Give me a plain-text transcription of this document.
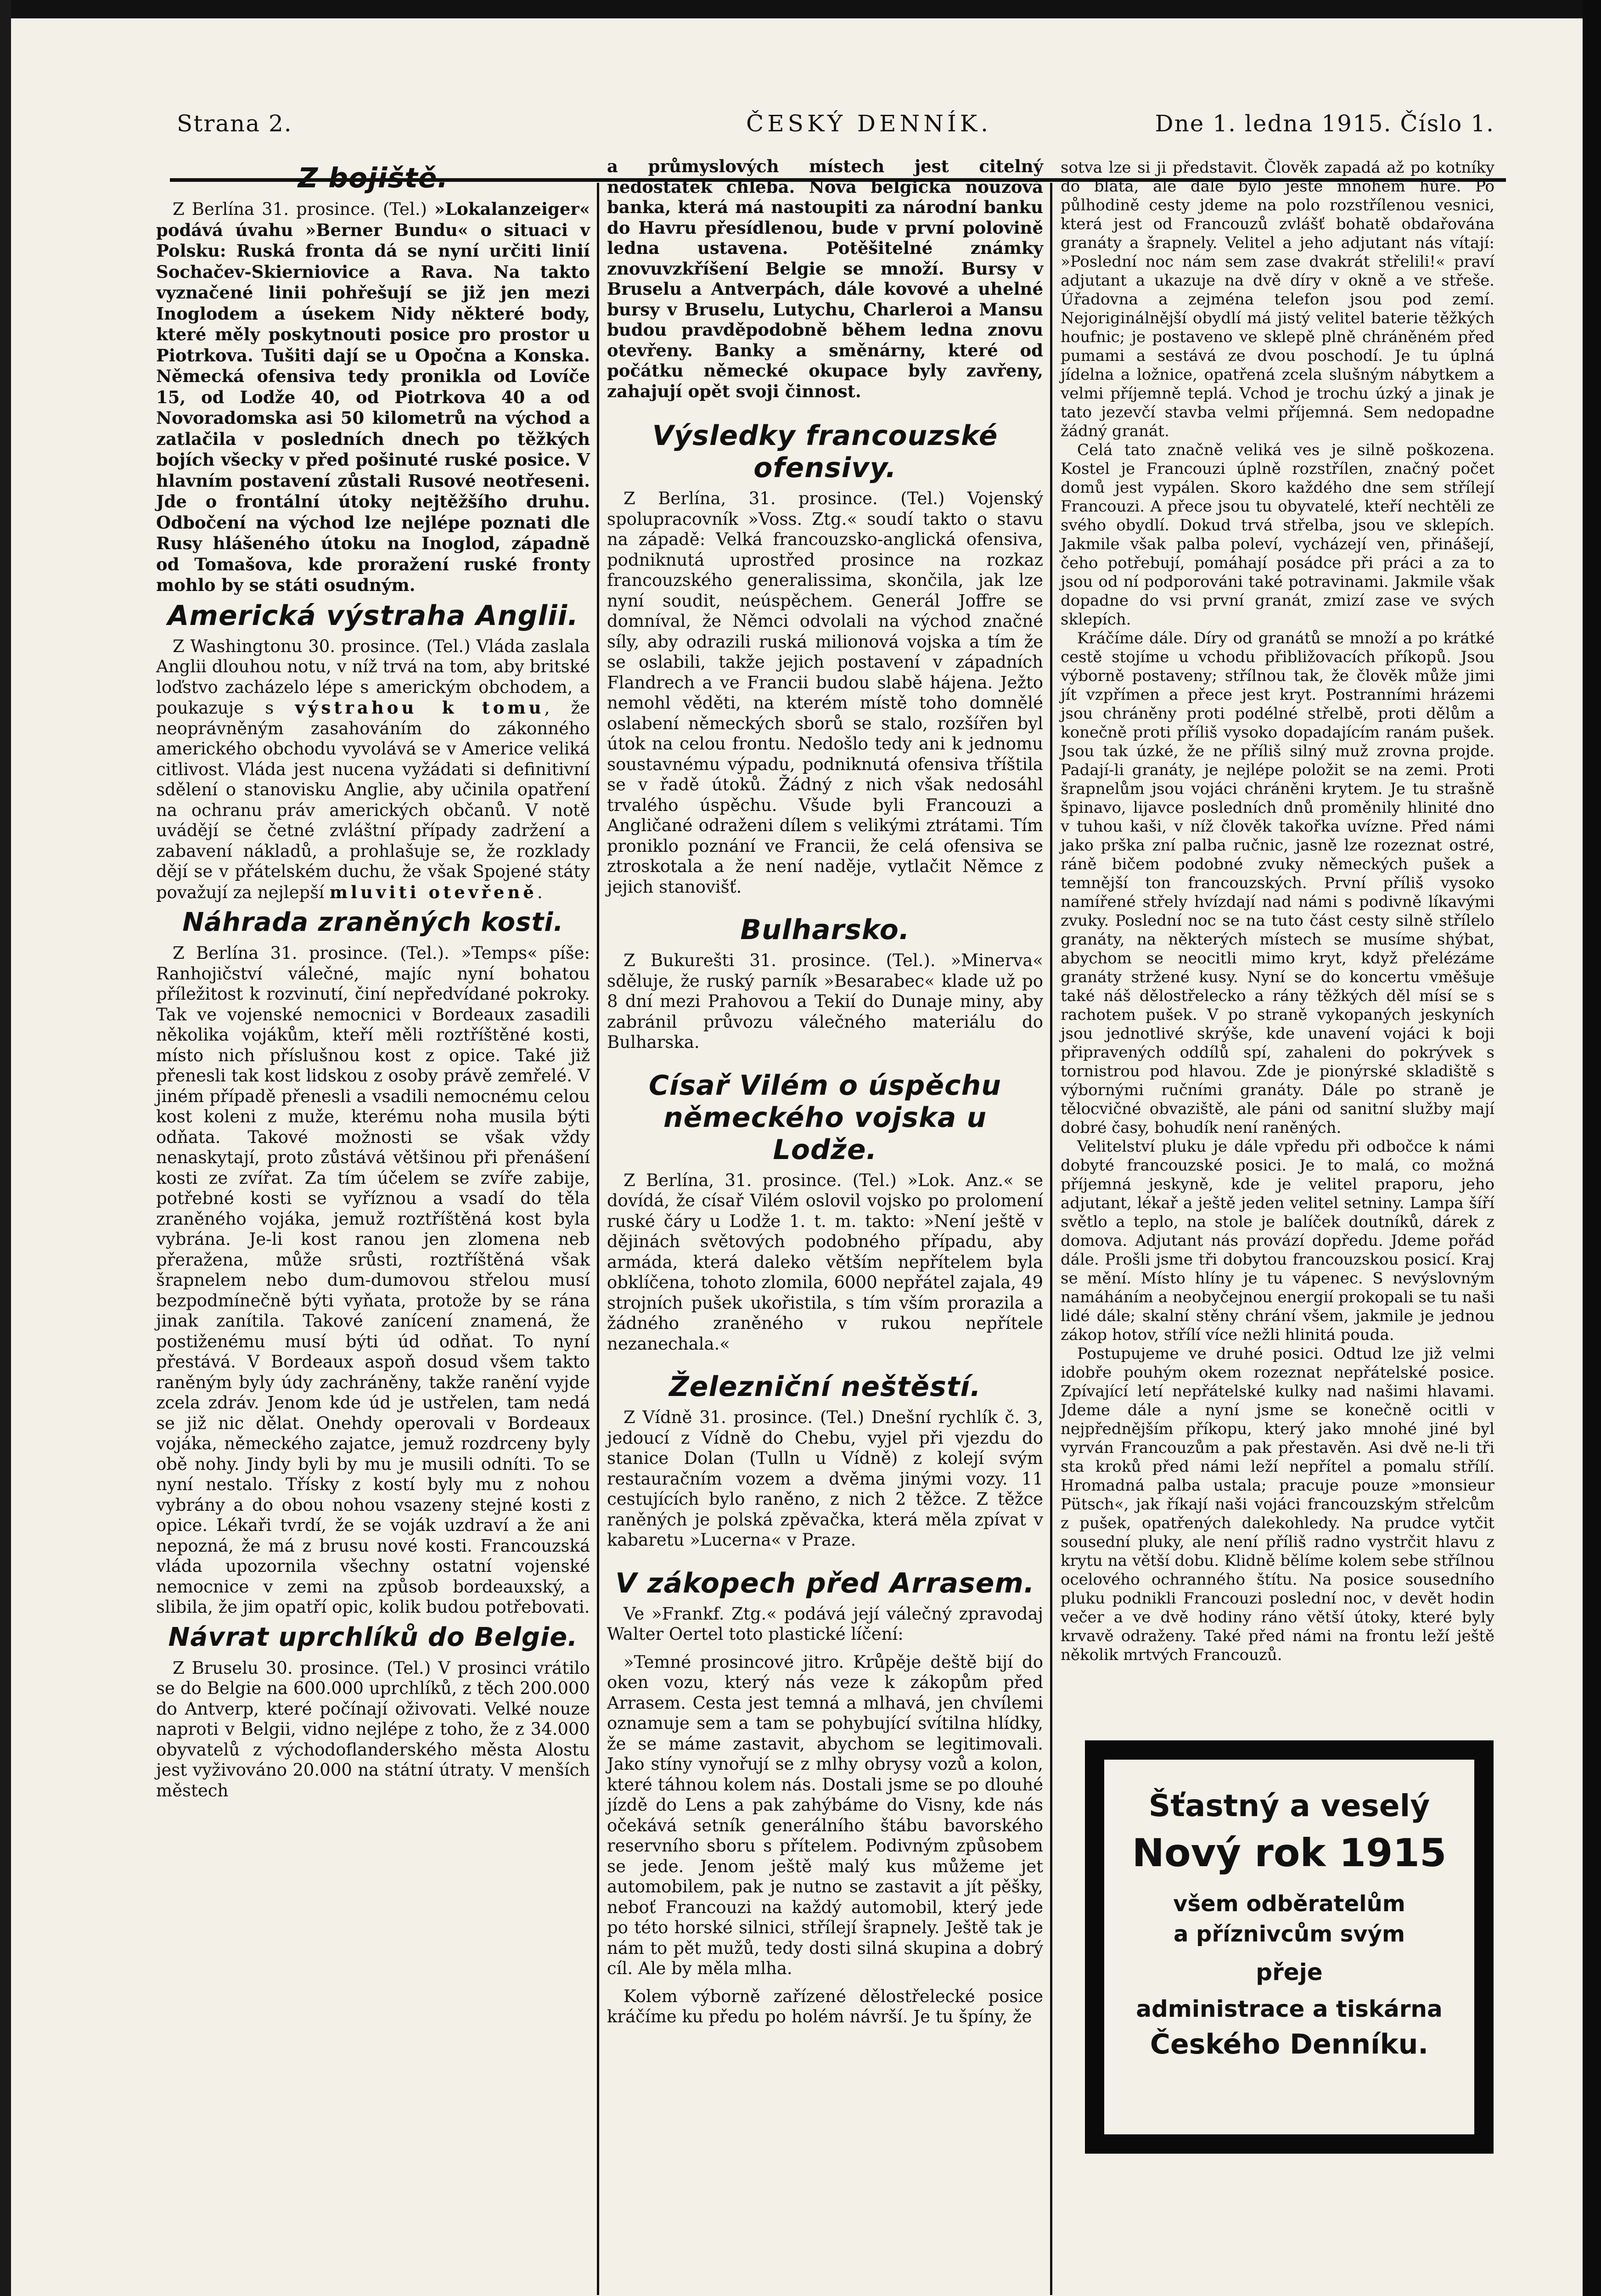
Strana 2.	ČESKÝ DENNÍK.	Dne 1. ledna 1915. Číslo 1.
Z bojiště.

Z Berlína 31. prosince. (Tel.) »Lokalanzeiger« podává úvahu »Berner Bundu« o situaci v Polsku: Ruská fronta dá se nyní určiti linií Sochačev-Skierniovice a Rava. Na takto vyznačené linii pohřešují se již jen mezi Inoglodem a úsekem Nidy některé body, které měly poskytnouti posice pro prostor u Piotrkova. Tušiti dají se u Opočna a Konska. Německá ofensiva tedy pronikla od Lovíče 15, od Lodže 40, od Piotrkova 40 a od Novoradomska asi 50 kilometrů na východ a zatlačila v posledních dnech po těžkých bojích všecky v před pošinuté ruské posice. V hlavním postavení zůstali Rusové neotřeseni. Jde o frontální útoky nejtěžšího druhu. Odbočení na východ lze nejlépe poznati dle Rusy hlášeného útoku na Inoglod, západně od Tomašova, kde proražení ruské fronty mohlo by se státi osudným.

Americká výstraha Anglii.

Z Washingtonu 30. prosince. (Tel.) Vláda zaslala Anglii dlouhou notu, v níž trvá na tom, aby britské loďstvo zacházelo lépe s americkým obchodem, a poukazuje s výstrahou k tomu, že neoprávněným zasahováním do zákonného amerického obchodu vyvolává se v Americe veliká citlivost. Vláda jest nucena vyžádati si definitivní sdělení o stanovisku Anglie, aby učinila opatření na ochranu práv amerických občanů. V notě uvádějí se četné zvláštní případy zadržení a zabavení nákladů, a prohlašuje se, že rozklady dějí se v přátelském duchu, že však Spojené státy považují za nejlepší mluviti otevřeně.

Náhrada zraněných kosti.

Z Berlína 31. prosince. (Tel.). »Temps« píše: Ranhojičství válečné, majíc nyní bohatou příležitost k rozvinutí, činí nepředvídané pokroky. Tak ve vojenské nemocnici v Bordeaux zasadili několika vojákům, kteří měli roztříštěné kosti, místo nich příslušnou kost z opice. Také již přenesli tak kost lidskou z osoby právě zemřelé. V jiném případě přenesli a vsadili nemocnému celou kost koleni z muže, kterému noha musila býti odňata. Takové možnosti se však vždy nenaskytají, proto zůstává většinou při přenášení kosti ze zvířat. Za tím účelem se zvíře zabije, potřebné kosti se vyříznou a vsadí do těla zraněného vojáka, jemuž roztříštěná kost byla vybrána. Je-li kost ranou jen zlomena neb přeražena, může srůsti, roztříštěná však šrapnelem nebo dum-dumovou střelou musí bezpodmínečně býti vyňata, protože by se rána jinak zanítila. Takové zanícení znamená, že postiženému musí býti úd odňat. To nyní přestává. V Bordeaux aspoň dosud všem takto raněným byly údy zachráněny, takže ranění vyjde zcela zdráv. Jenom kde úd je ustřelen, tam nedá se již nic dělat. Onehdy operovali v Bordeaux vojáka, německého zajatce, jemuž rozdrceny byly obě nohy. Jindy byli by mu je musili odníti. To se nyní nestalo. Třísky z kostí byly mu z nohou vybrány a do obou nohou vsazeny stejné kosti z opice. Lékaři tvrdí, že se voják uzdraví a že ani nepozná, že má z brusu nové kosti. Francouzská vláda upozornila všechny ostatní vojenské nemocnice v zemi na způsob bordeauxský, a slibila, že jim opatří opic, kolik budou potřebovati.

Návrat uprchlíků do Belgie.

Z Bruselu 30. prosince. (Tel.) V prosinci vrátilo se do Belgie na 600.000 uprchlíků, z těch 200.000 do Antverp, které počínají oživovati. Velké nouze naproti v Belgii, vidno nejlépe z toho, že z 34.000 obyvatelů z východoflanderského města Alostu jest vyživováno 20.000 na státní útraty. V menších městech

a průmyslových místech jest citelný nedostatek chleba. Nová belgická nouzová banka, která má nastoupiti za národní banku do Havru přesídlenou, bude v první polovině ledna ustavena. Potěšitelné známky znovuvzkříšení Belgie se množí. Bursy v Bruselu a Antverpách, dále kovové a uhelné bursy v Bruselu, Lutychu, Charleroi a Mansu budou pravděpodobně během ledna znovu otevřeny. Banky a směnárny, které od počátku německé okupace byly zavřeny, zahajují opět svoji činnost.

Výsledky francouzské ofensivy.

Z Berlína, 31. prosince. (Tel.) Vojenský spolupracovník »Voss. Ztg.« soudí takto o stavu na západě: Velká francouzsko-anglická ofensiva, podniknutá uprostřed prosince na rozkaz francouzského generalissima, skončila, jak lze nyní soudit, neúspěchem. Generál Joffre se domníval, že Němci odvolali na východ značné síly, aby odrazili ruská milionová vojska a tím že se oslabili, takže jejich postavení v západních Flandrech a ve Francii budou slabě hájena. Ježto nemohl věděti, na kterém místě toho domnělé oslabení německých sborů se stalo, rozšířen byl útok na celou frontu. Nedošlo tedy ani k jednomu soustavnému výpadu, podniknutá ofensiva tříštila se v řadě útoků. Žádný z nich však nedosáhl trvalého úspěchu. Všude byli Francouzi a Angličané odraženi dílem s velikými ztrátami. Tím proniklo poznání ve Francii, že celá ofensiva se ztroskotala a že není naděje, vytlačit Němce z jejich stanovišť.

Bulharsko.

Z Bukurešti 31. prosince. (Tel.). »Minerva« sděluje, že ruský parník »Besarabec« klade už po 8 dní mezi Prahovou a Tekií do Dunaje miny, aby zabránil průvozu válečného materiálu do Bulharska.

Císař Vilém o úspěchu německého vojska u Lodže.

Z Berlína, 31. prosince. (Tel.) »Lok. Anz.« se dovídá, že císař Vilém oslovil vojsko po prolomení ruské čáry u Lodže 1. t. m. takto: »Není ještě v dějinách světových podobného případu, aby armáda, která daleko větším nepřítelem byla obklíčena, tohoto zlomila, 6000 nepřátel zajala, 49 strojních pušek ukořistila, s tím vším prorazila a žádného zraněného v rukou nepřítele nezanechala.«

Železniční neštěstí.

Z Vídně 31. prosince. (Tel.) Dnešní rychlík č. 3, jedoucí z Vídně do Chebu, vyjel při vjezdu do stanice Dolan (Tulln u Vídně) z kolejí svým restauračním vozem a dvěma jinými vozy. 11 cestujících bylo raněno, z nich 2 těžce. Z těžce raněných je polská zpěvačka, která měla zpívat v kabaretu »Lucerna« v Praze.

V zákopech před Arrasem.

Ve »Frankf. Ztg.« podává její válečný zpravodaj Walter Oertel toto plastické líčení:

»Temné prosincové jitro. Krůpěje deště bijí do oken vozu, který nás veze k zákopům před Arrasem. Cesta jest temná a mlhavá, jen chvílemi oznamuje sem a tam se pohybující svítilna hlídky, že se máme zastavit, abychom se legitimovali. Jako stíny vynořují se z mlhy obrysy vozů a kolon, které táhnou kolem nás. Dostali jsme se po dlouhé jízdě do Lens a pak zahýbáme do Visny, kde nás očekává setník generálního štábu bavorského reservního sboru s přítelem. Podivným způsobem se jede. Jenom ještě malý kus můžeme jet automobilem, pak je nutno se zastavit a jít pěšky, neboť Francouzi na každý automobil, který jede po této horské silnici, střílejí šrapnely. Ještě tak je nám to pět mužů, tedy dosti silná skupina a dobrý cíl. Ale by měla mlha.

Kolem výborně zařízené dělostřelecké posice kráčíme ku předu po holém návrší. Je tu špíny, že

sotva lze si ji představit. Člověk zapadá až po kotníky do bláta, ale dále bylo ještě mnohem hůře. Po půlhodině cesty jdeme na polo rozstřílenou vesnici, která jest od Francouzů zvlášť bohatě obdařována granáty a šrapnely. Velitel a jeho adjutant nás vítají: »Poslední noc nám sem zase dvakrát střelili!« praví adjutant a ukazuje na dvě díry v okně a ve střeše. Úřadovna a zejména telefon jsou pod zemí. Nejoriginálnější obydlí má jistý velitel baterie těžkých houfnic; je postaveno ve sklepě plně chráněném před pumami a sestává ze dvou poschodí. Je tu úplná jídelna a ložnice, opatřená zcela slušným nábytkem a velmi příjemně teplá. Vchod je trochu úzký a jinak je tato jezevčí stavba velmi příjemná. Sem nedopadne žádný granát.

Celá tato značně veliká ves je silně poškozena. Kostel je Francouzi úplně rozstřílen, značný počet domů jest vypálen. Skoro každého dne sem střílejí Francouzi. A přece jsou tu obyvatelé, kteří nechtěli ze svého obydlí. Dokud trvá střelba, jsou ve sklepích. Jakmile však palba poleví, vycházejí ven, přinášejí, čeho potřebují, pomáhají posádce při práci a za to jsou od ní podporováni také potravinami. Jakmile však dopadne do vsi první granát, zmizí zase ve svých sklepích.

Kráčíme dále. Díry od granátů se množí a po krátké cestě stojíme u vchodu přibližovacích příkopů. Jsou výborně postaveny; střílnou tak, že člověk může jimi jít vzpřímen a přece jest kryt. Postranními hrázemi jsou chráněny proti podélné střelbě, proti dělům a konečně proti příliš vysoko dopadajícím ranám pušek. Jsou tak úzké, že ne příliš silný muž zrovna projde. Padají-li granáty, je nejlépe položit se na zemi. Proti šrapnelům jsou vojáci chráněni krytem. Je tu strašně špinavo, lijavce posledních dnů proměnily hlinité dno v tuhou kaši, v níž člověk takořka uvízne. Před námi jako prška zní palba ručnic, jasně lze rozeznat ostré, ráně bičem podobné zvuky německých pušek a temnější ton francouzských. První příliš vysoko namířené střely hvízdají nad námi s podivně líkavými zvuky. Poslední noc se na tuto část cesty silně střílelo granáty, na některých místech se musíme shýbat, abychom se neocitli mimo kryt, když přelézáme granáty stržené kusy. Nyní se do koncertu vměšuje také náš dělostřelecko a rány těžkých děl mísí se s rachotem pušek. V po straně vykopaných jeskyních jsou jednotlivé skrýše, kde unavení vojáci k boji připravených oddílů spí, zahaleni do pokrývek s tornistrou pod hlavou. Zde je pionýrské skladiště s výbornými ručními granáty. Dále po straně je tělocvičné obvaziště, ale páni od sanitní služby mají dobré časy, bohudík není raněných.

Velitelství pluku je dále vpředu při odbočce k námi dobyté francouzské posici. Je to malá, co možná příjemná jeskyně, kde je velitel praporu, jeho adjutant, lékař a ještě jeden velitel setniny. Lampa šíří světlo a teplo, na stole je balíček doutníků, dárek z domova. Adjutant nás provází dopředu. Jdeme pořád dále. Prošli jsme tři dobytou francouzskou posicí. Kraj se mění. Místo hlíny je tu vápenec. S nevýslovným namáháním a neobyčejnou energií prokopali se tu naši lidé dále; skalní stěny chrání všem, jakmile je jednou zákop hotov, střílí více nežli hlinitá pouda.

Postupujeme ve druhé posici. Odtud lze již velmi idobře pouhým okem rozeznat nepřátelské posice. Zpívající letí nepřátelské kulky nad našimi hlavami. Jdeme dále a nyní jsme se konečně ocitli v nejpřednějším příkopu, který jako mnohé jiné byl vyrván Francouzům a pak přestavěn. Asi dvě ne-li tři sta kroků před námi leží nepřítel a pomalu střílí. Hromadná palba ustala; pracuje pouze »monsieur Pütsch«, jak říkají naši vojáci francouzským střelcům z pušek, opatřených dalekohledy. Na prudce vytčit sousední pluky, ale není příliš radno vystrčit hlavu z krytu na větší dobu. Klidně bělíme kolem sebe střílnou ocelového ochranného štítu. Na posice sousedního pluku podnikli Francouzi poslední noc, v devět hodin večer a ve dvě hodiny ráno větší útoky, které byly krvavě odraženy. Také před námi na frontu leží ještě několik mrtvých Francouzů.

Šťastný a veselý
Nový rok 1915
všem odběratelům
a příznivcům svým
přeje
administrace a tiskárna
Českého Denníku.
